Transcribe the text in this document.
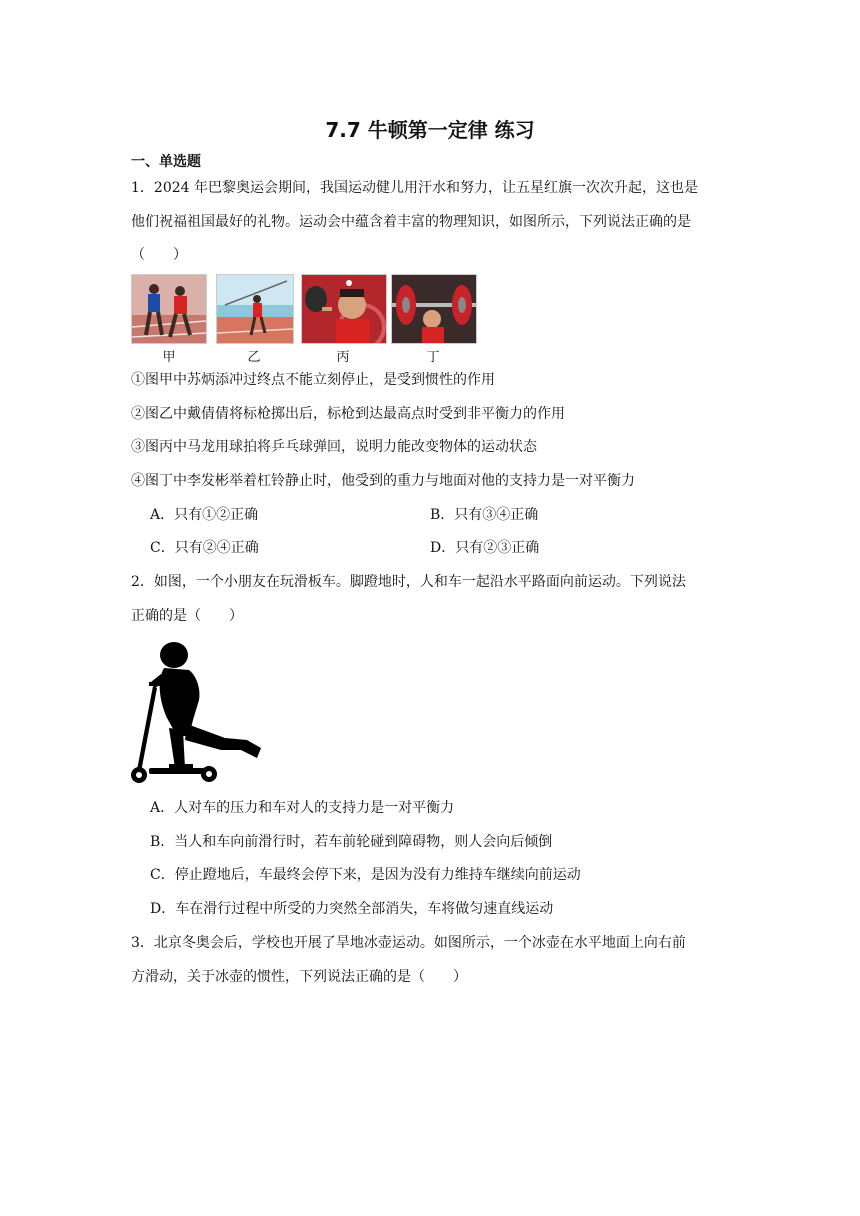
7.7 牛顿第一定律 练习
一、单选题
1．2024 年巴黎奥运会期间，我国运动健儿用汗水和努力，让五星红旗一次次升起，这也是
他们祝福祖国最好的礼物。运动会中蕴含着丰富的物理知识，如图所示，下列说法正确的是
（　　）
甲	乙	丙	丁
①图甲中苏炳添冲过终点不能立刻停止，是受到惯性的作用
②图乙中戴倩倩将标枪掷出后，标枪到达最高点时受到非平衡力的作用
③图丙中马龙用球拍将乒乓球弹回，说明力能改变物体的运动状态
④图丁中李发彬举着杠铃静止时，他受到的重力与地面对他的支持力是一对平衡力
A．只有①②正确	B．只有③④正确
C．只有②④正确	D．只有②③正确
2．如图，一个小朋友在玩滑板车。脚蹬地时，人和车一起沿水平路面向前运动。下列说法
正确的是（　　）
A．人对车的压力和车对人的支持力是一对平衡力
B．当人和车向前滑行时，若车前轮碰到障碍物，则人会向后倾倒
C．停止蹬地后，车最终会停下来，是因为没有力维持车继续向前运动
D．车在滑行过程中所受的力突然全部消失，车将做匀速直线运动
3．北京冬奥会后，学校也开展了旱地冰壶运动。如图所示，一个冰壶在水平地面上向右前
方滑动，关于冰壶的惯性，下列说法正确的是（　　）
